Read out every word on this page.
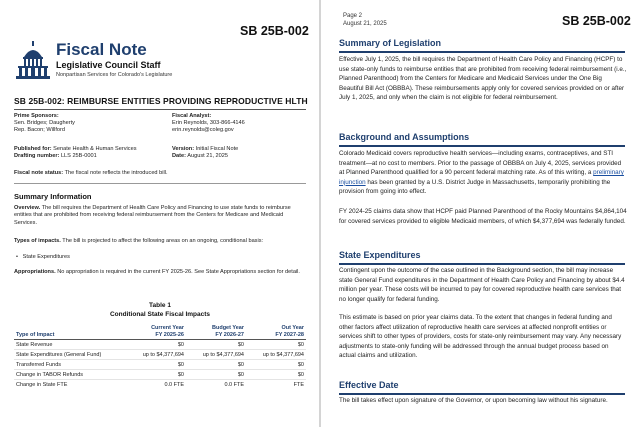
SB 25B-002
Fiscal Note
Legislative Council Staff
Nonpartisan Services for Colorado's Legislature
SB 25B-002: REIMBURSE ENTITIES PROVIDING REPRODUCTIVE HLTH
Prime Sponsors:
Sen. Bridges; Daugherty
Rep. Bacon; Willford
Fiscal Analyst:
Erin Reynolds, 303-866-4146
erin.reynolds@coleg.gov
Published for: Senate Health & Human Services
Drafting number: LLS 25B-0001
Version: Initial Fiscal Note
Date: August 21, 2025
Fiscal note status: The fiscal note reflects the introduced bill.
Summary Information
Overview. The bill requires the Department of Health Care Policy and Financing to use state funds to reimburse entities that are prohibited from receiving federal reimbursement from the Centers for Medicare and Medicaid Services.
Types of impacts. The bill is projected to affect the following areas on an ongoing, conditional basis:
• State Expenditures
Appropriations. No appropriation is required in the current FY 2025-26. See State Appropriations section for detail.
Table 1
Conditional State Fiscal Impacts
	Current Year	Budget Year	Out Year
Type of Impact	FY 2025-26	FY 2026-27	FY 2027-28
State Revenue	$0	$0	$0
State Expenditures (General Fund)	up to $4,377,694	up to $4,377,694	up to $4,377,694
Transferred Funds	$0	$0	$0
Change in TABOR Refunds	$0	$0	$0
Change in State FTE	0.0 FTE	0.0 FTE	FTE
Page 2
August 21, 2025	SB 25B-002
Summary of Legislation
Effective July 1, 2025, the bill requires the Department of Health Care Policy and Financing (HCPF) to use state-only funds to reimburse entities that are prohibited from receiving federal reimbursement (i.e., Planned Parenthood) from the Centers for Medicare and Medicaid Services under the One Big Beautiful Bill Act (OBBBA). These reimbursements apply only for covered services provided on or after July 1, 2025, and only when the claim is not eligible for federal reimbursement.
Background and Assumptions
Colorado Medicaid covers reproductive health services—including exams, contraceptives, and STI treatment—at no cost to members. Prior to the passage of OBBBA on July 4, 2025, services provided at Planned Parenthood qualified for a 90 percent federal matching rate. As of this writing, a preliminary injunction has been granted by a U.S. District Judge in Massachusetts, temporarily prohibiting the provision from going into effect.
FY 2024-25 claims data show that HCPF paid Planned Parenthood of the Rocky Mountains $4,864,104 for covered services provided to eligible Medicaid members, of which $4,377,694 was federally funded.
State Expenditures
Contingent upon the outcome of the case outlined in the Background section, the bill may increase state General Fund expenditures in the Department of Health Care Policy and Financing by about $4.4 million per year. These costs will be incurred to pay for covered reproductive health care services that no longer qualify for federal funding.
This estimate is based on prior year claims data. To the extent that changes in federal funding and other factors affect utilization of reproductive health care services at affected nonprofit entities or services shift to other types of providers, costs for state-only reimbursement may vary. Any necessary adjustments to state-only funding will be addressed through the annual budget process based on actual claims and utilization.
Effective Date
The bill takes effect upon signature of the Governor, or upon becoming law without his signature.
